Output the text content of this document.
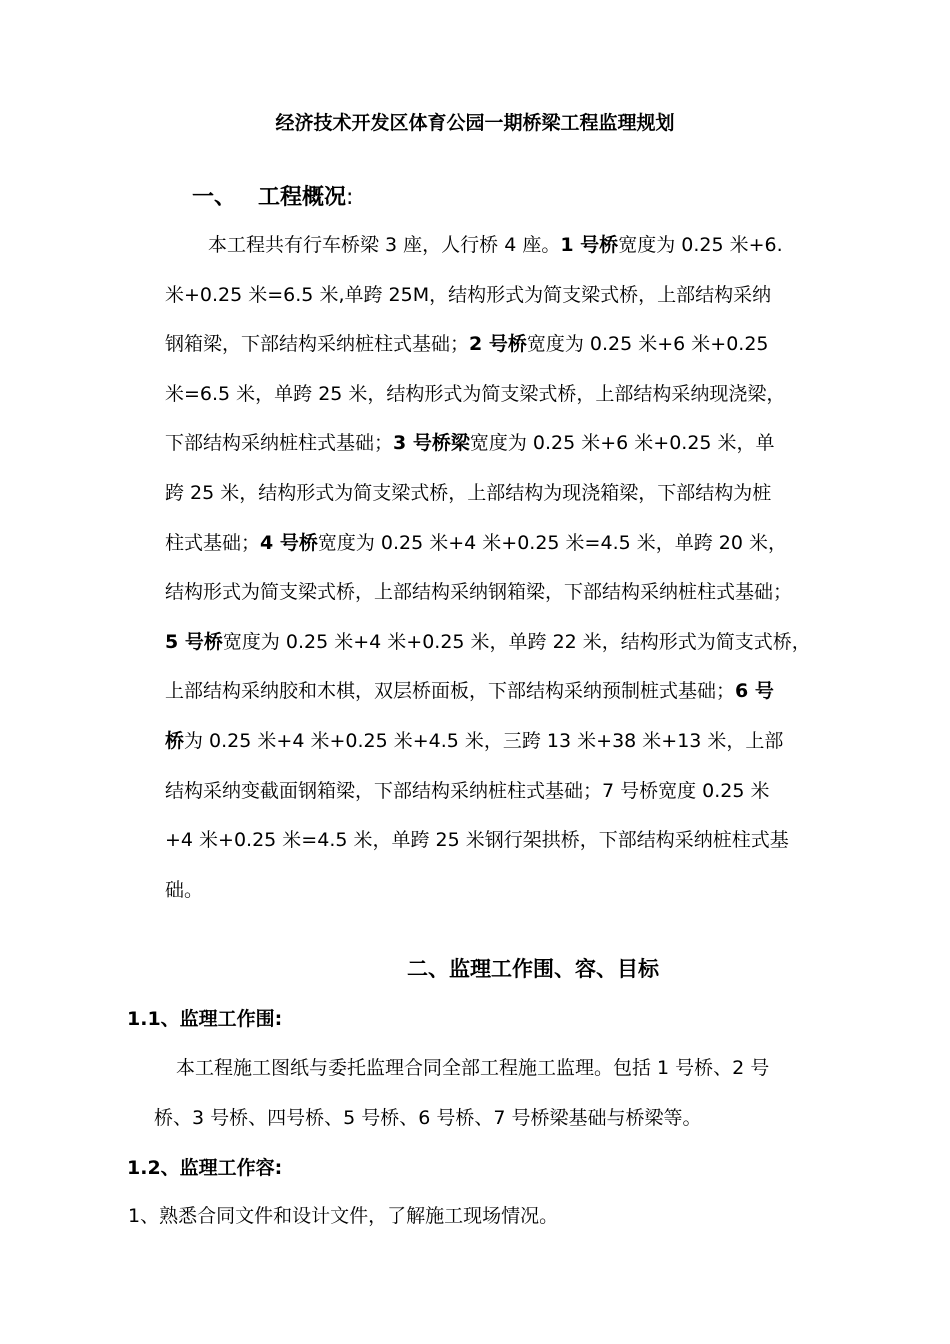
经济技术开发区体育公园一期桥梁工程监理规划
一、 工程概况:

本工程共有行车桥梁 3 座，人行桥 4 座。1 号桥宽度为 0.25 米+6.

米+0.25 米=6.5 米,单跨 25M，结构形式为简支梁式桥，上部结构采纳

钢箱梁，下部结构采纳桩柱式基础；2 号桥宽度为 0.25 米+6 米+0.25

米=6.5 米，单跨 25 米，结构形式为简支梁式桥，上部结构采纳现浇梁，

下部结构采纳桩柱式基础；3 号桥梁宽度为 0.25 米+6 米+0.25 米，单

跨 25 米，结构形式为简支梁式桥，上部结构为现浇箱梁，下部结构为桩

柱式基础；4 号桥宽度为 0.25 米+4 米+0.25 米=4.5 米，单跨 20 米，

结构形式为简支梁式桥，上部结构采纳钢箱梁，下部结构采纳桩柱式基础；

5 号桥宽度为 0.25 米+4 米+0.25 米，单跨 22 米，结构形式为简支式桥，

上部结构采纳胶和木棋，双层桥面板，下部结构采纳预制桩式基础；6 号

桥为 0.25 米+4 米+0.25 米+4.5 米，三跨 13 米+38 米+13 米，上部

结构采纳变截面钢箱梁，下部结构采纳桩柱式基础；7 号桥宽度 0.25 米

+4 米+0.25 米=4.5 米，单跨 25 米钢行架拱桥，下部结构采纳桩柱式基

础。

二、监理工作围、容、目标
1.1、监理工作围:

本工程施工图纸与委托监理合同全部工程施工监理。包括 1 号桥、2 号

桥、3 号桥、四号桥、5 号桥、6 号桥、7 号桥梁基础与桥梁等。

1.2、监理工作容:

1、熟悉合同文件和设计文件，了解施工现场情况。
